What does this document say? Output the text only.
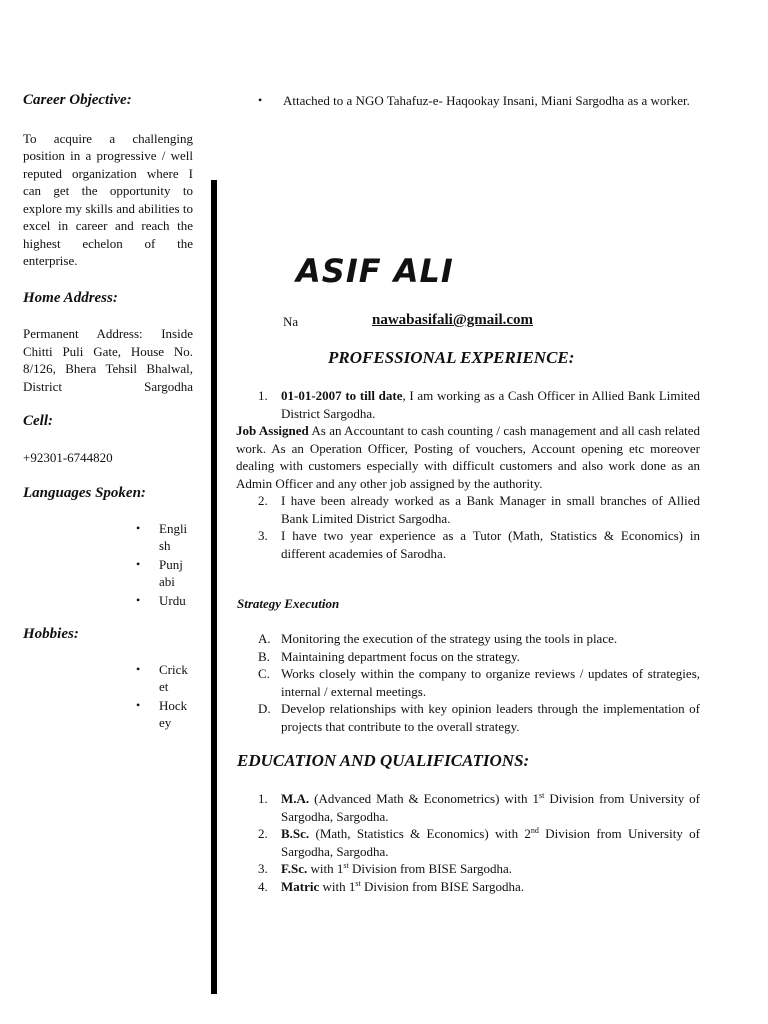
Career Objective:

To acquire a challenging position in a progressive / well reputed organization where I can get the opportunity to explore my skills and abilities to excel in career and reach the highest echelon of the enterprise.

Home Address:

Permanent Address: Inside Chitti Puli Gate, House No. 8/126, Bhera Tehsil Bhalwal, District Sargodha

Cell:

+92301-6744820

Languages Spoken:

• Engli sh
• Punj abi
• Urdu

Hobbies:

• Crick et
• Hock ey
• Attached to a NGO Tahafuz-e- Haqookay Insani, Miani Sargodha as a worker.

ASIF ALI
Na	nawabasifali@gmail.com
PROFESSIONAL EXPERIENCE:
1. 01-01-2007 to till date, I am working as a Cash Officer in Allied Bank Limited District Sargodha.

Job Assigned As an Accountant to cash counting / cash management and all cash related work. As an Operation Officer, Posting of vouchers, Account opening etc moreover dealing with customers especially with difficult customers and also work done as an Admin Officer and any other job assigned by the authority.

2. I have been already worked as a Bank Manager in small branches of Allied Bank Limited District Sargodha.
3. I have two year experience as a Tutor (Math, Statistics & Economics) in different academies of Sarodha.
Strategy Execution
A. Monitoring the execution of the strategy using the tools in place.
B. Maintaining department focus on the strategy.
C. Works closely within the company to organize reviews / updates of strategies, internal / external meetings.
D. Develop relationships with key opinion leaders through the implementation of projects that contribute to the overall strategy.
EDUCATION AND QUALIFICATIONS:
1. M.A. (Advanced Math & Econometrics) with 1st Division from University of Sargodha, Sargodha.
2. B.Sc. (Math, Statistics & Economics) with 2nd Division from University of Sargodha, Sargodha.
3. F.Sc. with 1st Division from BISE Sargodha.
4. Matric with 1st Division from BISE Sargodha.
